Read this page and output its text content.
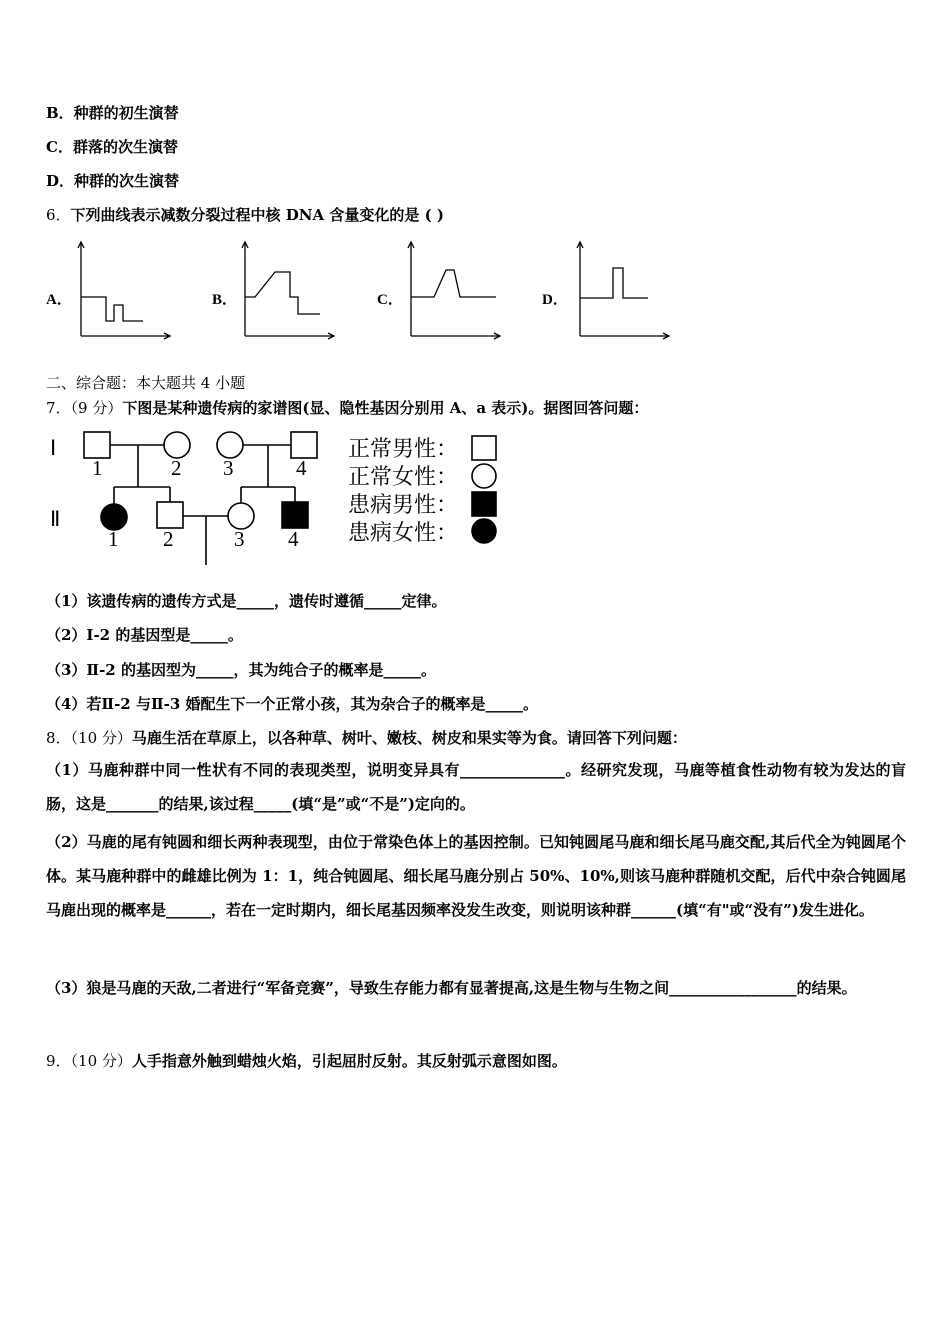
B．种群的初生演替
C．群落的次生演替
D．种群的次生演替
6．下列曲线表示减数分裂过程中核 DNA 含量变化的是 ( )
A．	B．	C．	D．
二、综合题：本大题共 4 小题
7．（9 分）下图是某种遗传病的家谱图(显、隐性基因分别用 A、a 表示)。据图回答问题：
Ⅰ
Ⅱ
1	2 3	4
1 2	3 4
正常男性：
正常女性：
患病男性：
患病女性：
（1）该遗传病的遗传方式是_____，遗传时遵循_____定律。
（2）Ⅰ-2 的基因型是_____。
（3）Ⅱ-2 的基因型为_____，其为纯合子的概率是_____。
（4）若Ⅱ-2 与Ⅱ-3 婚配生下一个正常小孩，其为杂合子的概率是_____。
8．（10 分）马鹿生活在草原上，以各种草、树叶、嫩枝、树皮和果实等为食。请回答下列问题：
（1）马鹿种群中同一性状有不同的表现类型，说明变异具有______________。经研究发现，马鹿等植食性动物有较为发达的盲肠，这是_______的结果,该过程_____(填“是”或“不是”)定向的。
（2）马鹿的尾有钝圆和细长两种表现型，由位于常染色体上的基因控制。已知钝圆尾马鹿和细长尾马鹿交配,其后代全为钝圆尾个体。某马鹿种群中的雌雄比例为 1：1，纯合钝圆尾、细长尾马鹿分别占 50%、10%,则该马鹿种群随机交配，后代中杂合钝圆尾马鹿出现的概率是______，若在一定时期内，细长尾基因频率没发生改变，则说明该种群______(填“有"或“没有”)发生进化。
（3）狼是马鹿的天敌,二者进行“军备竞赛”，导致生存能力都有显著提高,这是生物与生物之间_________________的结果。
9．（10 分）人手指意外触到蜡烛火焰，引起屈肘反射。其反射弧示意图如图。
